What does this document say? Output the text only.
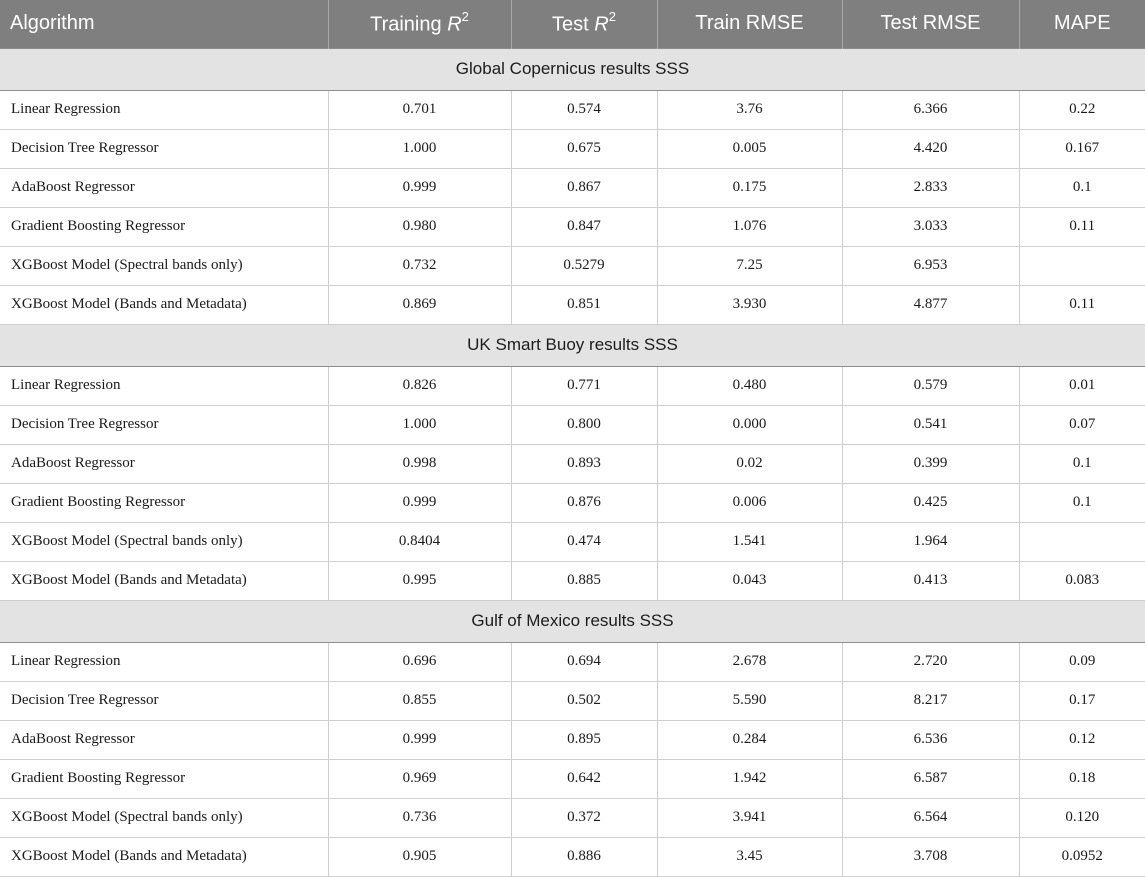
Algorithm	Training $R^2$	Test $R^2$	Train RMSE	Test RMSE	MAPE
Global Copernicus results SSS					
Linear Regression	0.701	0.574	3.76	6.366	0.22
Decision Tree Regressor	1.000	0.675	0.005	4.420	0.167
AdaBoost Regressor	0.999	0.867	0.175	2.833	0.1
Gradient Boosting Regressor	0.980	0.847	1.076	3.033	0.11
XGBoost Model (Spectral bands only)	0.732	0.5279	7.25	6.953	
XGBoost Model (Bands and Metadata)	0.869	0.851	3.930	4.877	0.11
UK Smart Buoy results SSS					
Linear Regression	0.826	0.771	0.480	0.579	0.01
Decision Tree Regressor	1.000	0.800	0.000	0.541	0.07
AdaBoost Regressor	0.998	0.893	0.02	0.399	0.1
Gradient Boosting Regressor	0.999	0.876	0.006	0.425	0.1
XGBoost Model (Spectral bands only)	0.8404	0.474	1.541	1.964	
XGBoost Model (Bands and Metadata)	0.995	0.885	0.043	0.413	0.083
Gulf of Mexico results SSS					
Linear Regression	0.696	0.694	2.678	2.720	0.09
Decision Tree Regressor	0.855	0.502	5.590	8.217	0.17
AdaBoost Regressor	0.999	0.895	0.284	6.536	0.12
Gradient Boosting Regressor	0.969	0.642	1.942	6.587	0.18
XGBoost Model (Spectral bands only)	0.736	0.372	3.941	6.564	0.120
XGBoost Model (Bands and Metadata)	0.905	0.886	3.45	3.708	0.0952
